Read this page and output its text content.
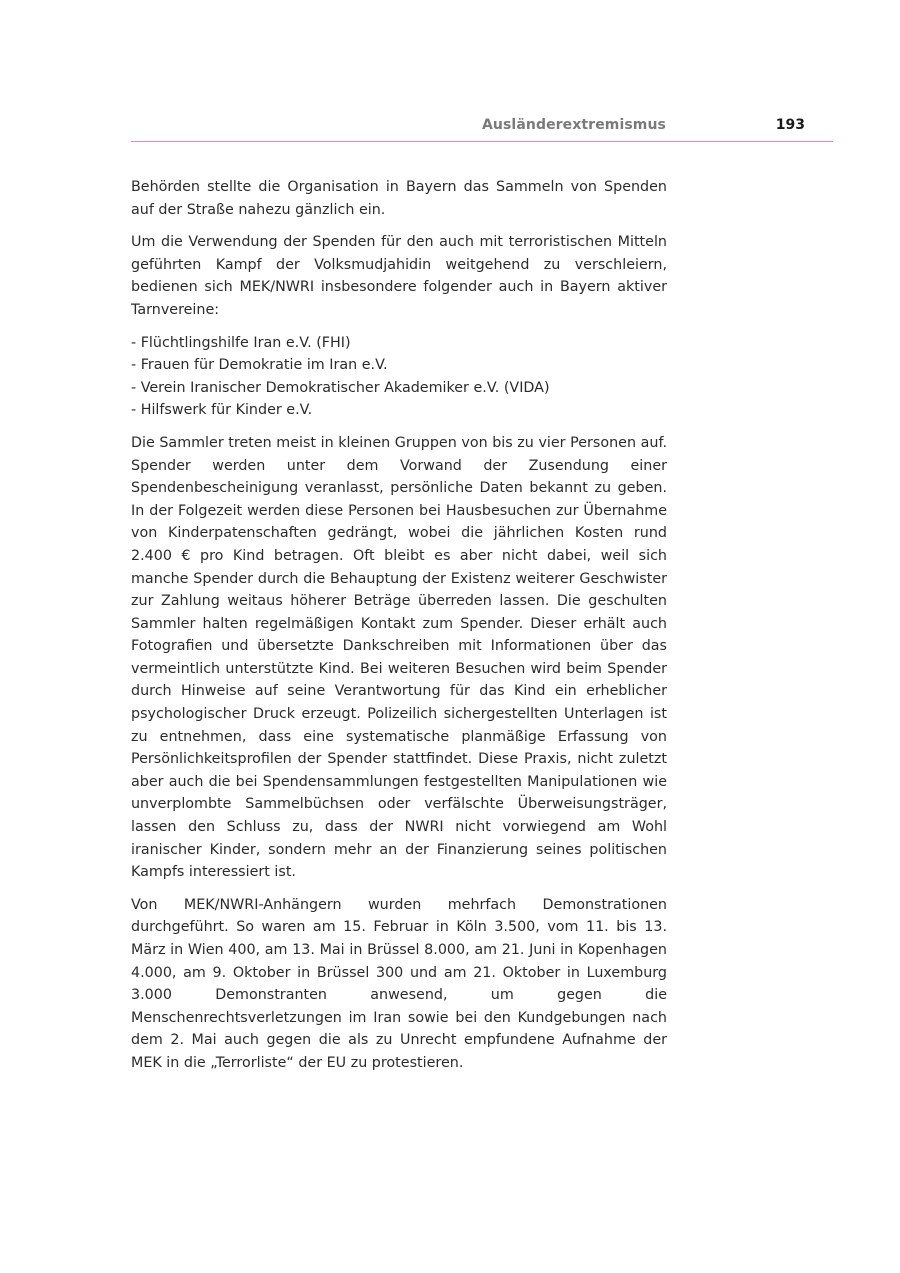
Ausländerextremismus	193

Behörden stellte die Organisation in Bayern das Sammeln von Spenden auf der Straße nahezu gänzlich ein.

Um die Verwendung der Spenden für den auch mit terroristischen Mitteln geführten Kampf der Volksmudjahidin weitgehend zu verschleiern, bedienen sich MEK/NWRI insbesondere folgender auch in Bayern aktiver Tarnvereine:

- Flüchtlingshilfe Iran e.V. (FHI)
- Frauen für Demokratie im Iran e.V.
- Verein Iranischer Demokratischer Akademiker e.V. (VIDA)
- Hilfswerk für Kinder e.V.

Die Sammler treten meist in kleinen Gruppen von bis zu vier Personen auf. Spender werden unter dem Vorwand der Zusendung einer Spendenbescheinigung veranlasst, persönliche Daten bekannt zu geben. In der Folgezeit werden diese Personen bei Hausbesuchen zur Übernahme von Kinderpatenschaften gedrängt, wobei die jährlichen Kosten rund 2.400 € pro Kind betragen. Oft bleibt es aber nicht dabei, weil sich manche Spender durch die Behauptung der Existenz weiterer Geschwister zur Zahlung weitaus höherer Beträge überreden lassen. Die geschulten Sammler halten regelmäßigen Kontakt zum Spender. Dieser erhält auch Fotografien und übersetzte Dankschreiben mit Informationen über das vermeintlich unterstützte Kind. Bei weiteren Besuchen wird beim Spender durch Hinweise auf seine Verantwortung für das Kind ein erheblicher psychologischer Druck erzeugt. Polizeilich sichergestellten Unterlagen ist zu entnehmen, dass eine systematische planmäßige Erfassung von Persönlichkeitsprofilen der Spender stattfindet. Diese Praxis, nicht zuletzt aber auch die bei Spendensammlungen festgestellten Manipulationen wie unverplombte Sammelbüchsen oder verfälschte Überweisungsträger, lassen den Schluss zu, dass der NWRI nicht vorwiegend am Wohl iranischer Kinder, sondern mehr an der Finanzierung seines politischen Kampfs interessiert ist.

Von MEK/NWRI-Anhängern wurden mehrfach Demonstrationen durchgeführt. So waren am 15. Februar in Köln 3.500, vom 11. bis 13. März in Wien 400, am 13. Mai in Brüssel 8.000, am 21. Juni in Kopenhagen 4.000, am 9. Oktober in Brüssel 300 und am 21. Oktober in Luxemburg 3.000 Demonstranten anwesend, um gegen die Menschenrechtsverletzungen im Iran sowie bei den Kundgebungen nach dem 2. Mai auch gegen die als zu Unrecht empfundene Aufnahme der MEK in die „Terrorliste“ der EU zu protestieren.
